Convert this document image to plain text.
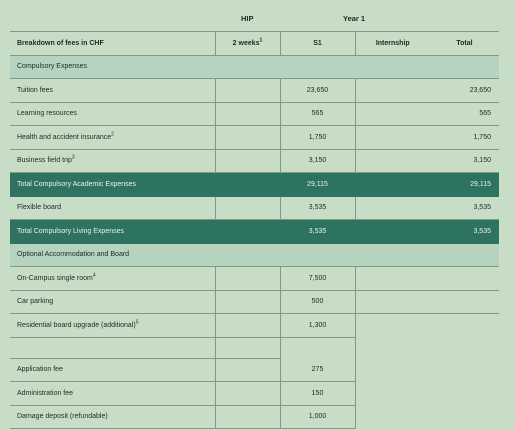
HIP	Year 1
Breakdown of fees in CHF	2 weeks$^1$	S1	Internship	Total
Compulsory Expenses				
Tuition fees		23,650		23,650
Learning resources		565		565
Health and accident insurance$^2$		1,750		1,750
Business field trip$^3$		3,150		3,150
Total Compulsory Academic Expenses		29,115		29,115
Flexible board		3,535		3,535
Total Compulsory Living Expenses		3,535		3,535
Optional Accommodation and Board				
On-Campus single room$^4$		7,500		
Car parking		500		
Residential board upgrade (additional)$^5$		1,300		

Application fee		275		
Administration fee		150		
Damage deposit (refundable)		1,000		
